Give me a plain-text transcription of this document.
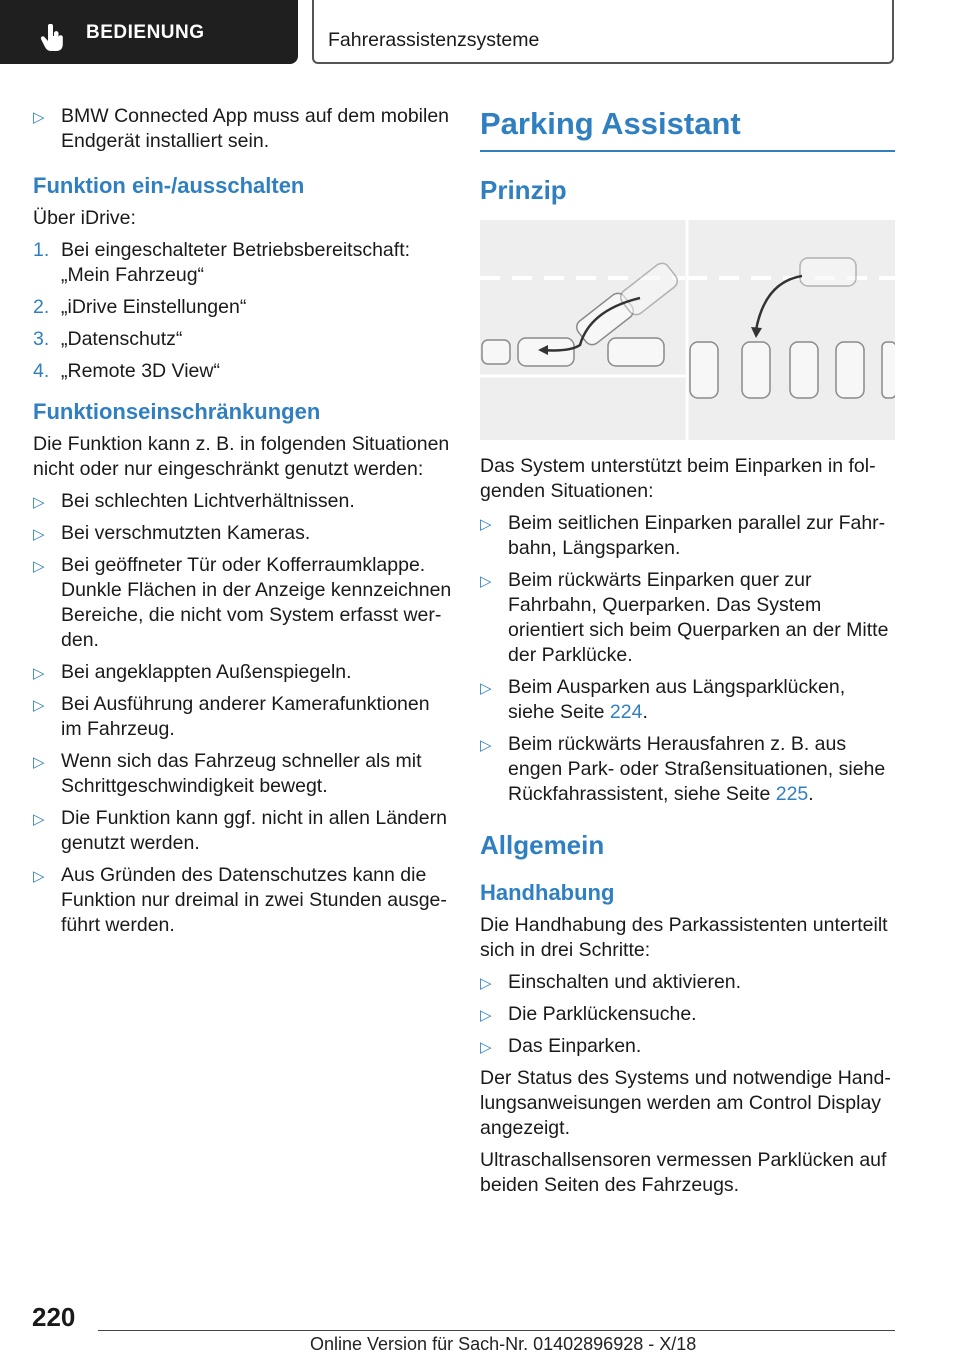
BEDIENUNG	Fahrerassistenzsysteme
▷ BMW Connected App muss auf dem mobilen Endgerät installiert sein.
Funktion ein-/ausschalten

Über iDrive:

1. Bei eingeschalteter Betriebsbereitschaft: „Mein Fahrzeug“
2. „iDrive Einstellungen“
3. „Datenschutz“
4. „Remote 3D View“
Funktionseinschränkungen

Die Funktion kann z. B. in folgenden Situationen nicht oder nur eingeschränkt genutzt werden:

▷ Bei schlechten Lichtverhältnissen.
▷ Bei verschmutzten Kameras.
▷ Bei geöffneter Tür oder Kofferraumklappe. Dunkle Flächen in der Anzeige kennzeichnen Bereiche, die nicht vom System erfasst werden.
▷ Bei angeklappten Außenspiegeln.
▷ Bei Ausführung anderer Kamerafunktionen im Fahrzeug.
▷ Wenn sich das Fahrzeug schneller als mit Schrittgeschwindigkeit bewegt.
▷ Die Funktion kann ggf. nicht in allen Ländern genutzt werden.
▷ Aus Gründen des Datenschutzes kann die Funktion nur dreimal in zwei Stunden ausgeführt werden.
Parking Assistant
Prinzip

Das System unterstützt beim Einparken in folgenden Situationen:

▷ Beim seitlichen Einparken parallel zur Fahrbahn, Längsparken.
▷ Beim rückwärts Einparken quer zur Fahrbahn, Querparken. Das System orientiert sich beim Querparken an der Mitte der Parklücke.
▷ Beim Ausparken aus Längsparklücken, siehe Seite 224.
▷ Beim rückwärts Herausfahren z. B. aus engen Park- oder Straßensituationen, siehe Rückfahrassistent, siehe Seite 225.
Allgemein
Handhabung

Die Handhabung des Parkassistenten unterteilt sich in drei Schritte:

▷ Einschalten und aktivieren.
▷ Die Parklückensuche.
▷ Das Einparken.

Der Status des Systems und notwendige Handlungsanweisungen werden am Control Display angezeigt.

Ultraschallsensoren vermessen Parklücken auf beiden Seiten des Fahrzeugs.

220
Online Version für Sach-Nr. 01402896928 - X/18
